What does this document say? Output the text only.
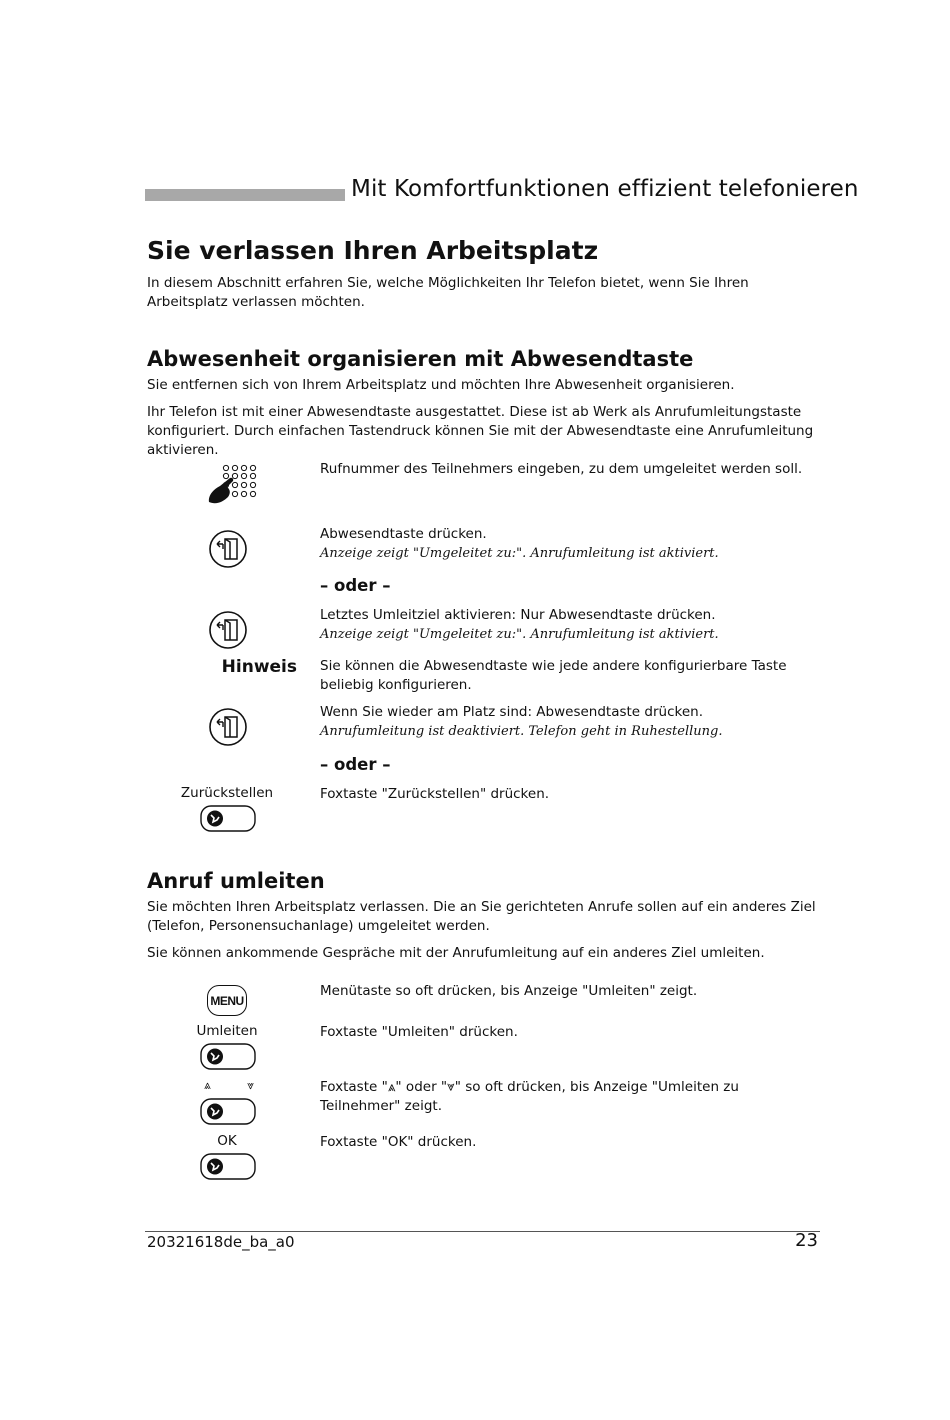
Mit Komfortfunktionen effizient telefonieren
Sie verlassen Ihren Arbeitsplatz
In diesem Abschnitt erfahren Sie, welche Möglichkeiten Ihr Telefon bietet, wenn Sie Ihren Arbeitsplatz verlassen möchten.
Abwesenheit organisieren mit Abwesendtaste
Sie entfernen sich von Ihrem Arbeitsplatz und möchten Ihre Abwesenheit organisieren.
Ihr Telefon ist mit einer Abwesendtaste ausgestattet. Diese ist ab Werk als Anrufumleitungstaste konfiguriert. Durch einfachen Tastendruck können Sie mit der Abwesendtaste eine Anrufumleitung aktivieren.
Rufnummer des Teilnehmers eingeben, zu dem umgeleitet werden soll.
Abwesendtaste drücken.
Anzeige zeigt "Umgeleitet zu:". Anrufumleitung ist aktiviert.
– oder –
Letztes Umleitziel aktivieren: Nur Abwesendtaste drücken.
Anzeige zeigt "Umgeleitet zu:". Anrufumleitung ist aktiviert.
Hinweis Sie können die Abwesendtaste wie jede andere konfigurierbare Taste beliebig konfigurieren.
Wenn Sie wieder am Platz sind: Abwesendtaste drücken.
Anrufumleitung ist deaktiviert. Telefon geht in Ruhestellung.
– oder –
Zurückstellen	Foxtaste "Zurückstellen" drücken.
Anruf umleiten
Sie möchten Ihren Arbeitsplatz verlassen. Die an Sie gerichteten Anrufe sollen auf ein anderes Ziel (Telefon, Personensuchanlage) umgeleitet werden.
Sie können ankommende Gespräche mit der Anrufumleitung auf ein anderes Ziel umleiten.
MENU
Menütaste so oft drücken, bis Anzeige "Umleiten" zeigt.
Umleiten	Foxtaste "Umleiten" drücken.
⩓	⩔	Foxtaste "⩓" oder "⩔" so oft drücken, bis Anzeige "Umleiten zu Teilnehmer" zeigt.
OK	Foxtaste "OK" drücken.
20321618de_ba_a0	23
